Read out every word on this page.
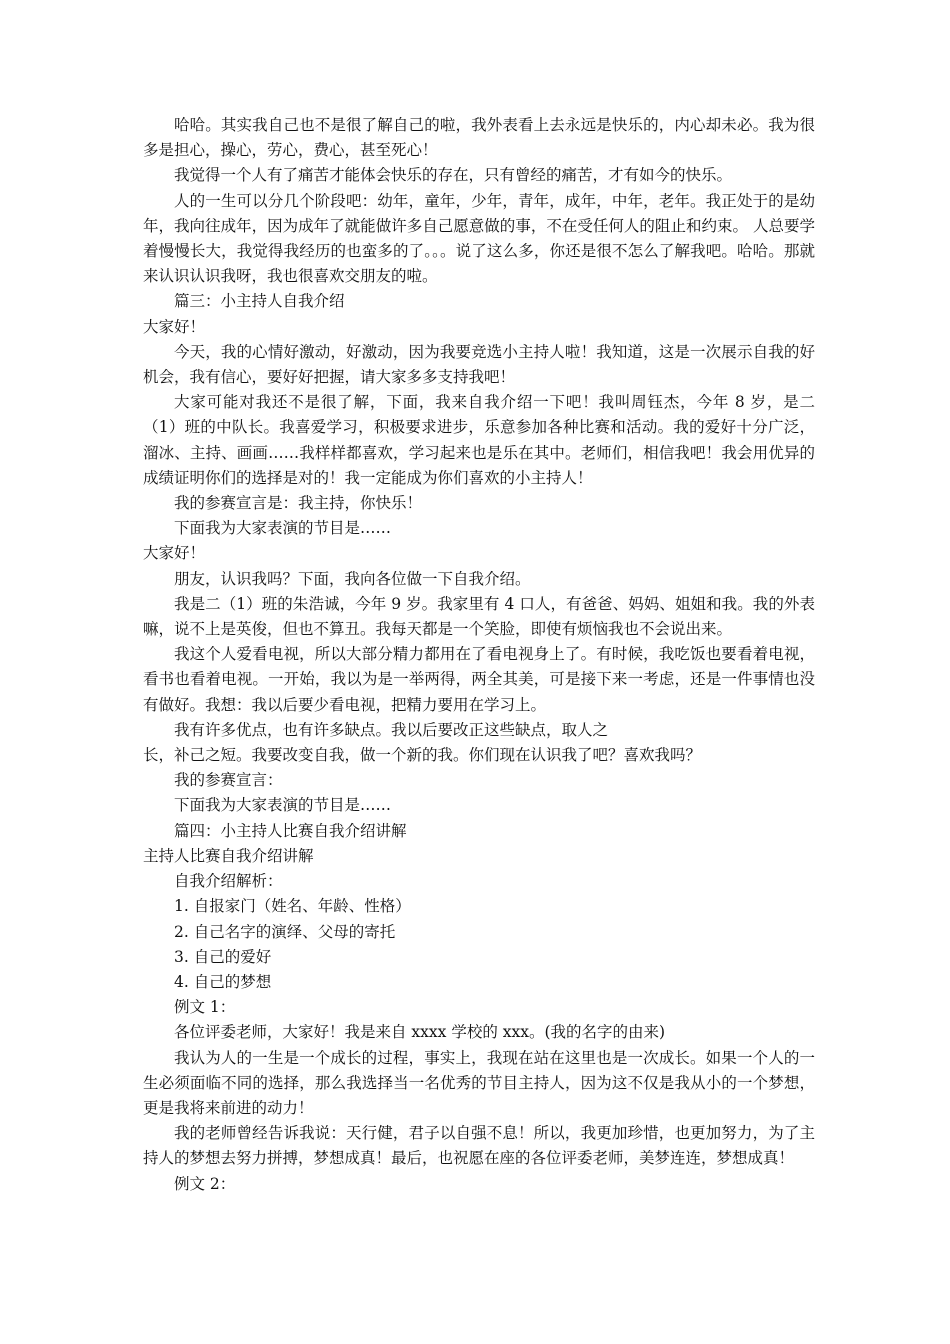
哈哈。其实我自己也不是很了解自己的啦，我外表看上去永远是快乐的，内心却未必。我为很多是担心，操心，劳心，费心，甚至死心！

我觉得一个人有了痛苦才能体会快乐的存在，只有曾经的痛苦，才有如今的快乐。

人的一生可以分几个阶段吧：幼年，童年，少年，青年，成年，中年，老年。我正处于的是幼年，我向往成年，因为成年了就能做许多自己愿意做的事，不在受任何人的阻止和约束。 人总要学着慢慢长大，我觉得我经历的也蛮多的了。。。说了这么多，你还是很不怎么了解我吧。哈哈。那就来认识认识我呀，我也很喜欢交朋友的啦。

篇三：小主持人自我介绍

大家好！

今天，我的心情好激动，好激动，因为我要竞选小主持人啦！我知道，这是一次展示自我的好机会，我有信心，要好好把握，请大家多多支持我吧！

大家可能对我还不是很了解，下面，我来自我介绍一下吧！我叫周钰杰，今年 8 岁，是二（1）班的中队长。我喜爱学习，积极要求进步，乐意参加各种比赛和活动。我的爱好十分广泛，溜冰、主持、画画……我样样都喜欢，学习起来也是乐在其中。老师们，相信我吧！我会用优异的成绩证明你们的选择是对的！我一定能成为你们喜欢的小主持人！

我的参赛宣言是：我主持，你快乐！

下面我为大家表演的节目是……

大家好！

朋友，认识我吗？下面，我向各位做一下自我介绍。

我是二（1）班的朱浩诚，今年 9 岁。我家里有 4 口人，有爸爸、妈妈、姐姐和我。我的外表嘛，说不上是英俊，但也不算丑。我每天都是一个笑脸，即使有烦恼我也不会说出来。

我这个人爱看电视，所以大部分精力都用在了看电视身上了。有时候，我吃饭也要看着电视，看书也看着电视。一开始，我以为是一举两得，两全其美，可是接下来一考虑，还是一件事情也没有做好。我想：我以后要少看电视，把精力要用在学习上。

我有许多优点，也有许多缺点。我以后要改正这些缺点，取人之

长，补己之短。我要改变自我，做一个新的我。你们现在认识我了吧？喜欢我吗？

我的参赛宣言：

下面我为大家表演的节目是……

篇四：小主持人比赛自我介绍讲解

主持人比赛自我介绍讲解

自我介绍解析：

1. 自报家门（姓名、年龄、性格）

2. 自己名字的演绎、父母的寄托

3. 自己的爱好

4. 自己的梦想

例文 1：

各位评委老师，大家好！我是来自 xxxx 学校的 xxx。(我的名字的由来)

我认为人的一生是一个成长的过程，事实上，我现在站在这里也是一次成长。如果一个人的一生必须面临不同的选择，那么我选择当一名优秀的节目主持人，因为这不仅是我从小的一个梦想，更是我将来前进的动力！

我的老师曾经告诉我说：天行健，君子以自强不息！所以，我更加珍惜，也更加努力，为了主持人的梦想去努力拼搏，梦想成真！最后，也祝愿在座的各位评委老师，美梦连连，梦想成真！

例文 2：
